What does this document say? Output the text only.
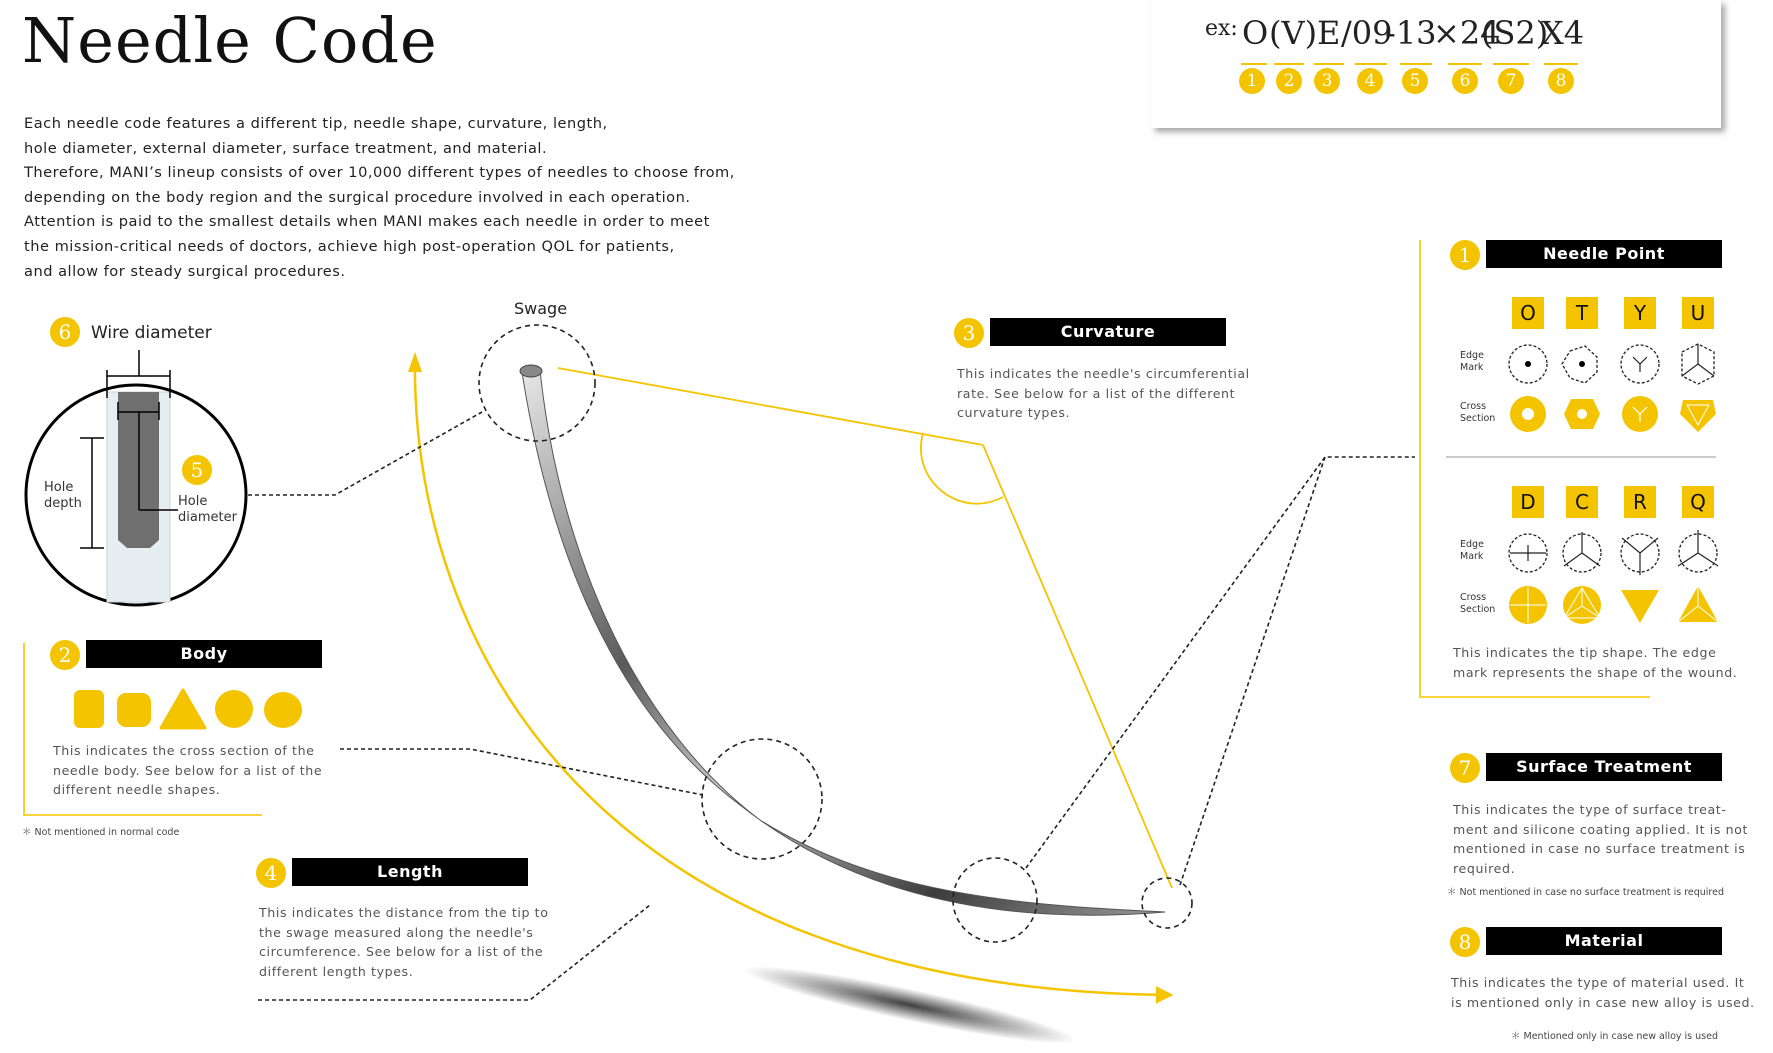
Needle Code
Each needle code features a different tip, needle shape, curvature, length,
hole diameter, external diameter, surface treatment, and material.
Therefore, MANI’s lineup consists of over 10,000 different types of needles to choose from,
depending on the body region and the surgical procedure involved in each operation.
Attention is paid to the smallest details when MANI makes each needle in order to meet
the mission-critical needs of doctors, achieve high post-operation QOL for patients,
and allow for steady surgical procedures.
ex: O (V) E /09
-13
×24
(S2)
X4
1	2	3	4	5	6	7	8
Swage
6	Wire diameter
Hole
depth	Hole
diameter
5
2	Body
This indicates the cross section of the
needle body. See below for a list of the
different needle shapes.
＊ Not mentioned in normal code
4	Length
This indicates the distance from the tip to
the swage measured along the needle's
circumference. See below for a list of the
different length types.
3	Curvature
This indicates the needle's circumferential
rate. See below for a list of the different
curvature types.
1	Needle Point
O	T	Y	U
Edge
Mark
Cross
Section
D	C	R	Q
Edge
Mark
Cross
Section
This indicates the tip shape. The edge
mark represents the shape of the wound.
7	Surface Treatment
This indicates the type of surface treat-
ment and silicone coating applied. It is not
mentioned in case no surface treatment is
required.
＊ Not mentioned in case no surface treatment is required
8	Material
This indicates the type of material used. It
is mentioned only in case new alloy is used.
＊ Mentioned only in case new alloy is used
